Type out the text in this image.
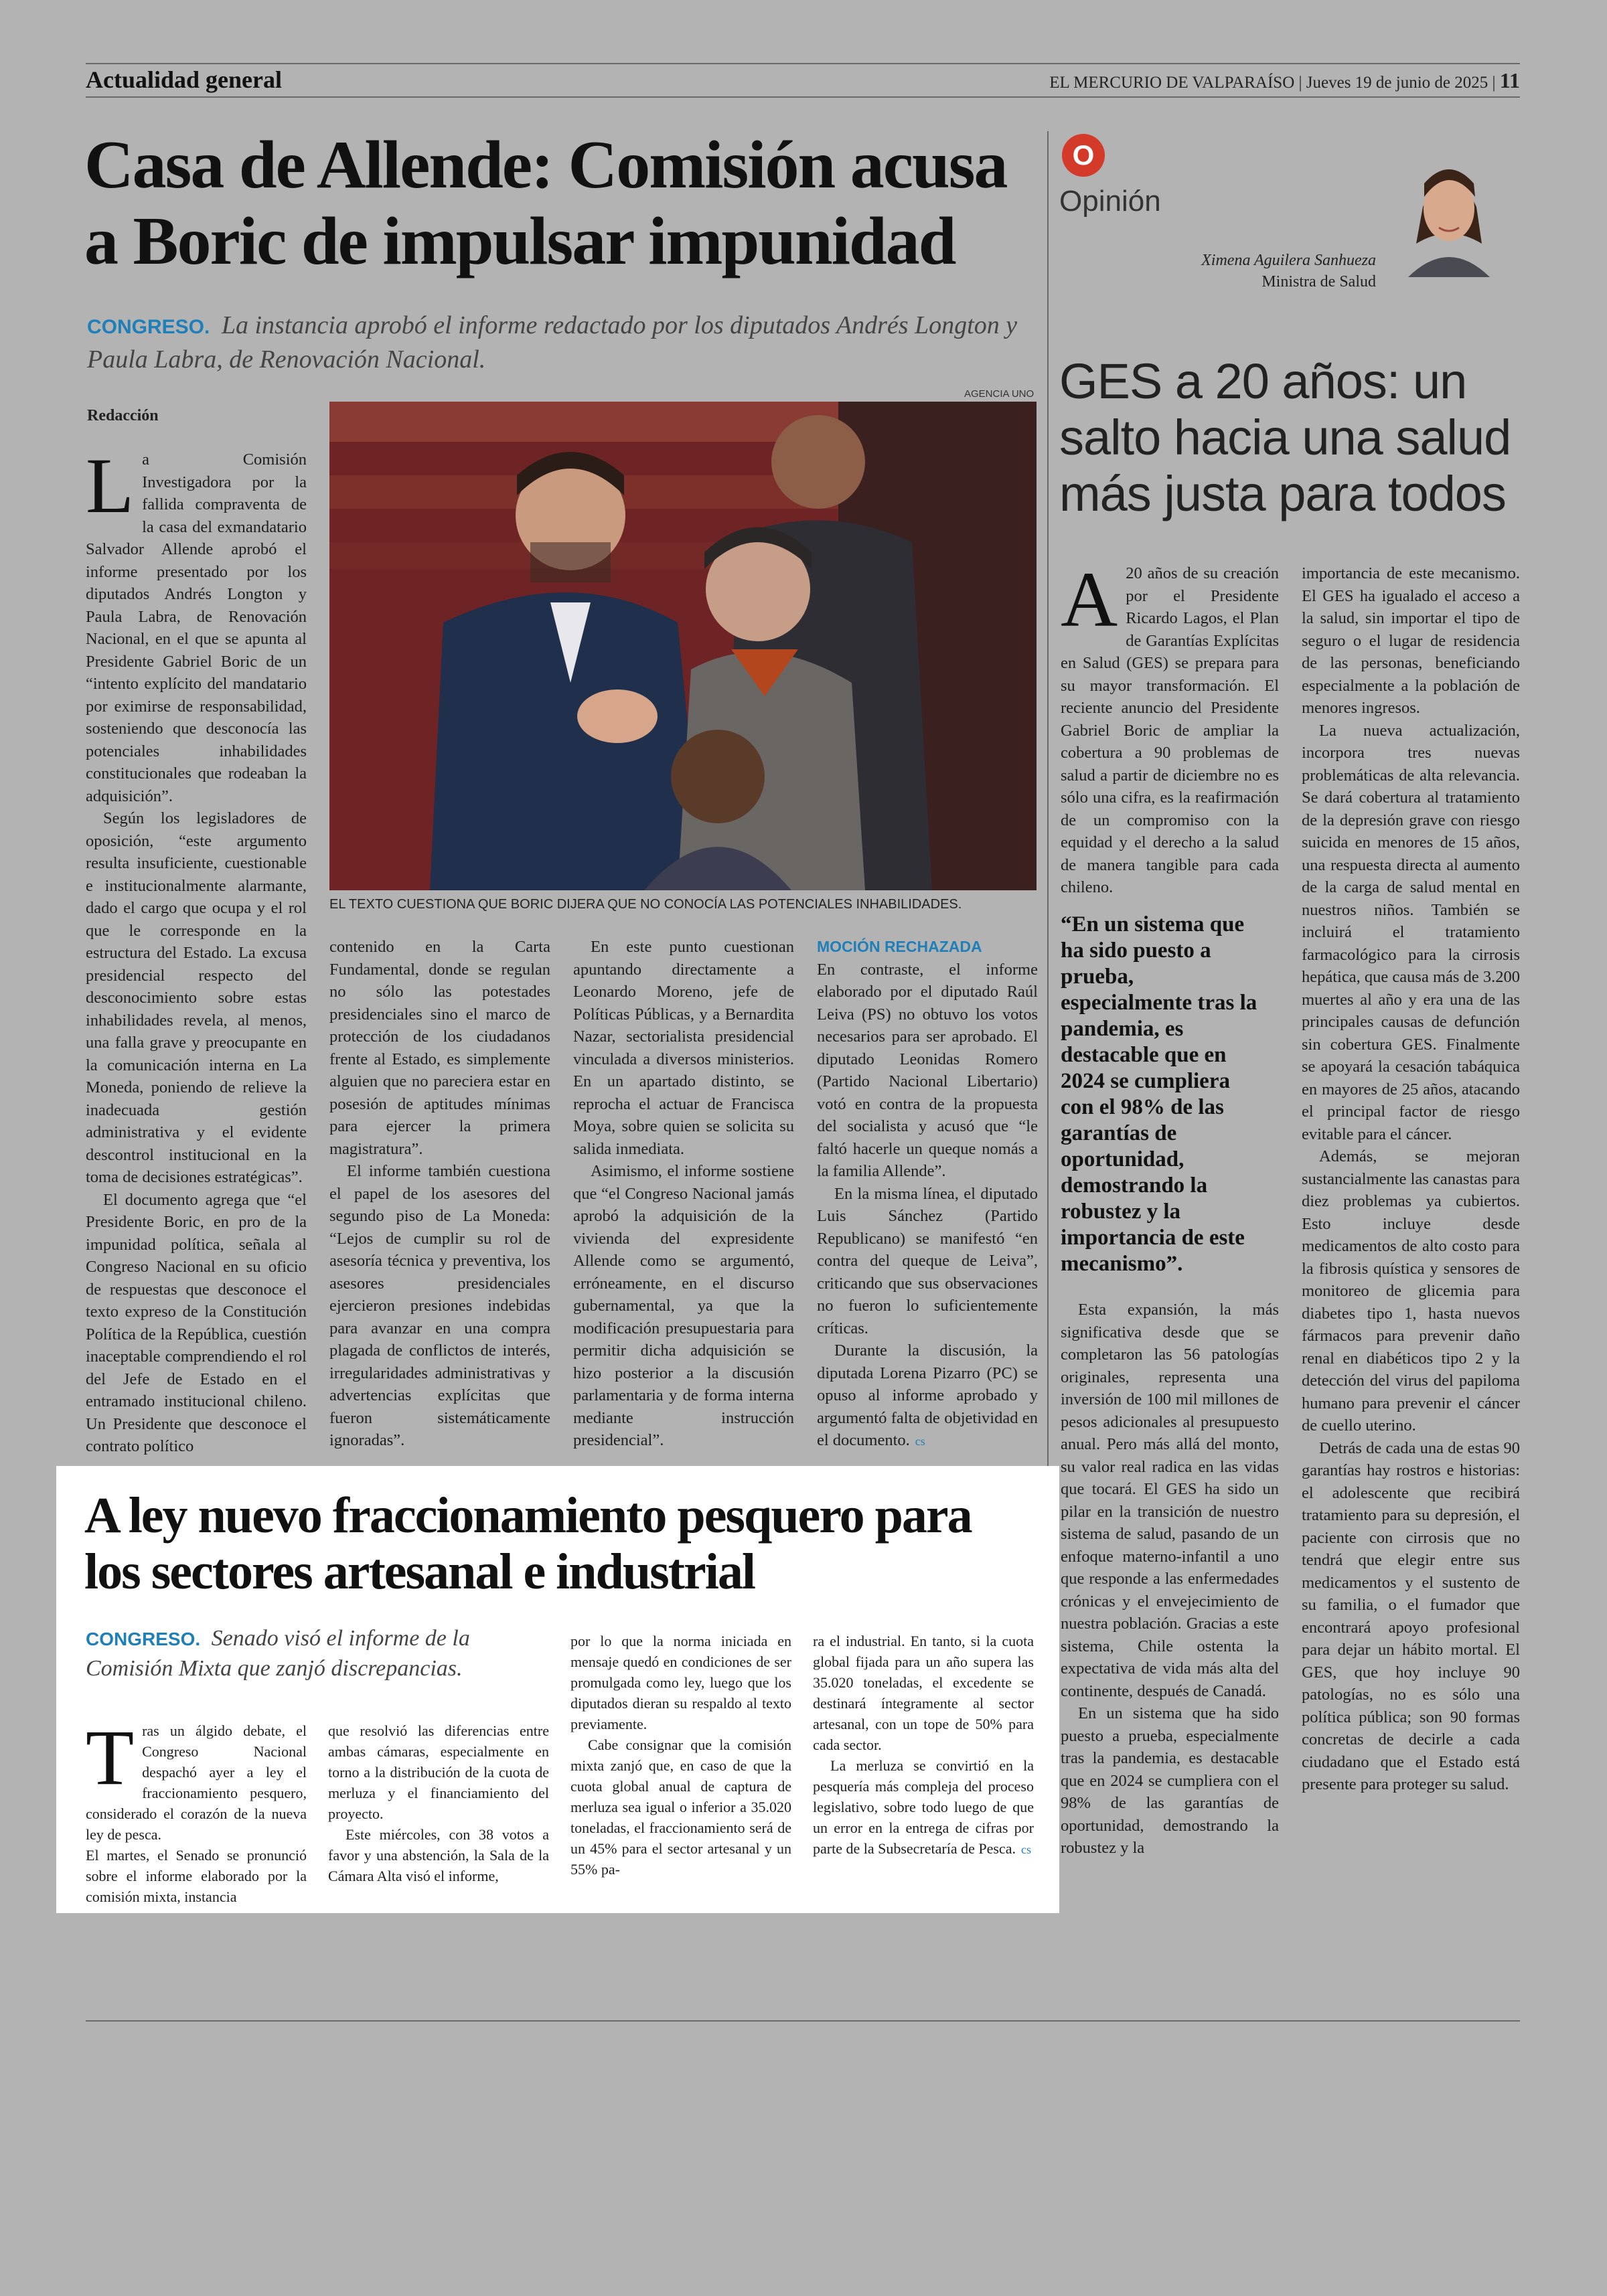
Actualidad general	EL MERCURIO DE VALPARAÍSO | Jueves 19 de junio de 2025 | 11
Casa de Allende: Comisión acusa a Boric de impulsar impunidad
CONGRESO. La instancia aprobó el informe redactado por los diputados Andrés Longton y Paula Labra, de Renovación Nacional.
Redacción
AGENCIA UNO
EL TEXTO CUESTIONA QUE BORIC DIJERA QUE NO CONOCÍA LAS POTENCIALES INHABILIDADES.

La Comisión Investigadora por la fallida compraventa de la casa del exmandatario Salvador Allende aprobó el informe presentado por los diputados Andrés Longton y Paula Labra, de Renovación Nacional, en el que se apunta al Presidente Gabriel Boric de un “intento explícito del mandatario por eximirse de responsabilidad, sosteniendo que desconocía las potenciales inhabilidades constitucionales que rodeaban la adquisición”.

Según los legisladores de oposición, “este argumento resulta insuficiente, cuestionable e institucionalmente alarmante, dado el cargo que ocupa y el rol que le corresponde en la estructura del Estado. La excusa presidencial respecto del desconocimiento sobre estas inhabilidades revela, al menos, una falla grave y preocupante en la comunicación interna en La Moneda, poniendo de relieve la inadecuada gestión administrativa y el evidente descontrol institucional en la toma de decisiones estratégicas”.

El documento agrega que “el Presidente Boric, en pro de la impunidad política, señala al Congreso Nacional en su oficio de respuestas que desconoce el texto expreso de la Constitución Política de la República, cuestión inaceptable comprendiendo el rol del Jefe de Estado en el entramado institucional chileno. Un Presidente que desconoce el contrato político

contenido en la Carta Fundamental, donde se regulan no sólo las potestades presidenciales sino el marco de protección de los ciudadanos frente al Estado, es simplemente alguien que no pareciera estar en posesión de aptitudes mínimas para ejercer la primera magistratura”.

El informe también cuestiona el papel de los asesores del segundo piso de La Moneda: “Lejos de cumplir su rol de asesoría técnica y preventiva, los asesores presidenciales ejercieron presiones indebidas para avanzar en una compra plagada de conflictos de interés, irregularidades administrativas y advertencias explícitas que fueron sistemáticamente ignoradas”.

En este punto cuestionan apuntando directamente a Leonardo Moreno, jefe de Políticas Públicas, y a Bernardita Nazar, sectorialista presidencial vinculada a diversos ministerios. En un apartado distinto, se reprocha el actuar de Francisca Moya, sobre quien se solicita su salida inmediata.

Asimismo, el informe sostiene que “el Congreso Nacional jamás aprobó la adquisición de la vivienda del expresidente Allende como se argumentó, erróneamente, en el discurso gubernamental, ya que la modificación presupuestaria para permitir dicha adquisición se hizo posterior a la discusión parlamentaria y de forma interna mediante instrucción presidencial”.

MOCIÓN RECHAZADA

En contraste, el informe elaborado por el diputado Raúl Leiva (PS) no obtuvo los votos necesarios para ser aprobado. El diputado Leonidas Romero (Partido Nacional Libertario) votó en contra de la propuesta del socialista y acusó que “le faltó hacerle un queque nomás a la familia Allende”.

En la misma línea, el diputado Luis Sánchez (Partido Republicano) se manifestó “en contra del queque de Leiva”, criticando que sus observaciones no fueron lo suficientemente críticas.

Durante la discusión, la diputada Lorena Pizarro (PC) se opuso al informe aprobado y argumentó falta de objetividad en el documento. cs

A ley nuevo fraccionamiento pesquero para los sectores artesanal e industrial
CONGRESO. Senado visó el informe de la Comisión Mixta que zanjó discrepancias.

Tras un álgido debate, el Congreso Nacional despachó ayer a ley el fraccionamiento pesquero, considerado el corazón de la nueva ley de pesca.

El martes, el Senado se pronunció sobre el informe elaborado por la comisión mixta, instancia

que resolvió las diferencias entre ambas cámaras, especialmente en torno a la distribución de la cuota de merluza y el financiamiento del proyecto.

Este miércoles, con 38 votos a favor y una abstención, la Sala de la Cámara Alta visó el informe,

por lo que la norma iniciada en mensaje quedó en condiciones de ser promulgada como ley, luego que los diputados dieran su respaldo al texto previamente.

Cabe consignar que la comisión mixta zanjó que, en caso de que la cuota global anual de captura de merluza sea igual o inferior a 35.020 toneladas, el fraccionamiento será de un 45% para el sector artesanal y un 55% pa-

ra el industrial. En tanto, si la cuota global fijada para un año supera las 35.020 toneladas, el excedente se destinará íntegramente al sector artesanal, con un tope de 50% para cada sector.

La merluza se convirtió en la pesquería más compleja del proceso legislativo, sobre todo luego de que un error en la entrega de cifras por parte de la Subsecretaría de Pesca. cs

O
Opinión
Ximena Aguilera Sanhueza
Ministra de Salud
GES a 20 años: un salto hacia una salud más justa para todos

A 20 años de su creación por el Presidente Ricardo Lagos, el Plan de Garantías Explícitas en Salud (GES) se prepara para su mayor transformación. El reciente anuncio del Presidente Gabriel Boric de ampliar la cobertura a 90 problemas de salud a partir de diciembre no es sólo una cifra, es la reafirmación de un compromiso con la equidad y el derecho a la salud de manera tangible para cada chileno.

“En un sistema que ha sido puesto a prueba, especialmente tras la pandemia, es destacable que en 2024 se cumpliera con el 98% de las garantías de oportunidad, demostrando la robustez y la importancia de este mecanismo”.

Esta expansión, la más significativa desde que se completaron las 56 patologías originales, representa una inversión de 100 mil millones de pesos adicionales al presupuesto anual. Pero más allá del monto, su valor real radica en las vidas que tocará. El GES ha sido un pilar en la transición de nuestro sistema de salud, pasando de un enfoque materno-infantil a uno que responde a las enfermedades crónicas y el envejecimiento de nuestra población. Gracias a este sistema, Chile ostenta la expectativa de vida más alta del continente, después de Canadá.

En un sistema que ha sido puesto a prueba, especialmente tras la pandemia, es destacable que en 2024 se cumpliera con el 98% de las garantías de oportunidad, demostrando la robustez y la

importancia de este mecanismo. El GES ha igualado el acceso a la salud, sin importar el tipo de seguro o el lugar de residencia de las personas, beneficiando especialmente a la población de menores ingresos.

La nueva actualización, incorpora tres nuevas problemáticas de alta relevancia. Se dará cobertura al tratamiento de la depresión grave con riesgo suicida en menores de 15 años, una respuesta directa al aumento de la carga de salud mental en nuestros niños. También se incluirá el tratamiento farmacológico para la cirrosis hepática, que causa más de 3.200 muertes al año y era una de las principales causas de defunción sin cobertura GES. Finalmente se apoyará la cesación tabáquica en mayores de 25 años, atacando el principal factor de riesgo evitable para el cáncer.

Además, se mejoran sustancialmente las canastas para diez problemas ya cubiertos. Esto incluye desde medicamentos de alto costo para la fibrosis quística y sensores de monitoreo de glicemia para diabetes tipo 1, hasta nuevos fármacos para prevenir daño renal en diabéticos tipo 2 y la detección del virus del papiloma humano para prevenir el cáncer de cuello uterino.

Detrás de cada una de estas 90 garantías hay rostros e historias: el adolescente que recibirá tratamiento para su depresión, el paciente con cirrosis que no tendrá que elegir entre sus medicamentos y el sustento de su familia, o el fumador que encontrará apoyo profesional para dejar un hábito mortal. El GES, que hoy incluye 90 patologías, no es sólo una política pública; son 90 formas concretas de decirle a cada ciudadano que el Estado está presente para proteger su salud.
